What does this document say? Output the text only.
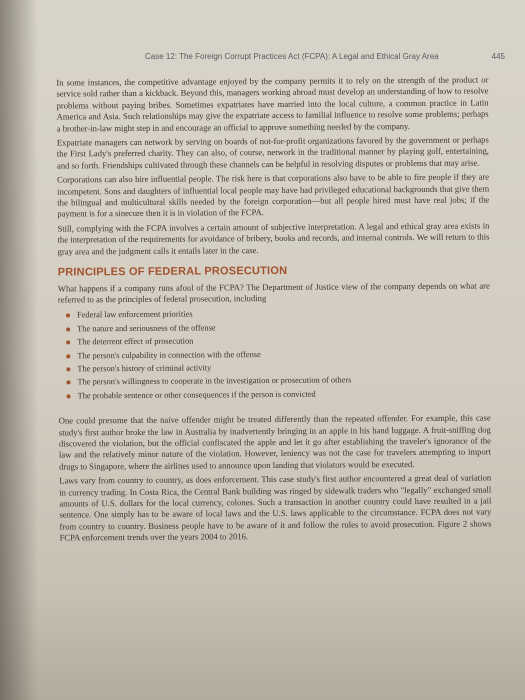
Case 12: The Foreign Corrupt Practices Act (FCPA): A Legal and Ethical Gray Area	445

In some instances, the competitive advantage enjoyed by the company permits it to rely on the strength of the product or service sold rather than a kickback. Beyond this, managers working abroad must develop an understanding of how to resolve problems without paying bribes. Sometimes expatriates have married into the local culture, a common practice in Latin America and Asia. Such relationships may give the expatriate access to familial influence to resolve some problems; perhaps a brother-in-law might step in and encourage an official to approve something needed by the company.

Expatriate managers can network by serving on boards of not-for-profit organizations favored by the government or perhaps the First Lady's preferred charity. They can also, of course, network in the traditional manner by playing golf, entertaining, and so forth. Friendships cultivated through these channels can be helpful in resolving disputes or problems that may arise.

Corporations can also hire influential people. The risk here is that corporations also have to be able to fire people if they are incompetent. Sons and daughters of influential local people may have had privileged educational backgrounds that give them the bilingual and multicultural skills needed by the foreign corporation—but all people hired must have real jobs; if the payment is for a sinecure then it is in violation of the FCPA.

Still, complying with the FCPA involves a certain amount of subjective interpretation. A legal and ethical gray area exists in the interpretation of the requirements for avoidance of bribery, books and records, and internal controls. We will return to this gray area and the judgment calls it entails later in the case.

PRINCIPLES OF FEDERAL PROSECUTION

What happens if a company runs afoul of the FCPA? The Department of Justice view of the company depends on what are referred to as the principles of federal prosecution, including

Federal law enforcement priorities
The nature and seriousness of the offense
The deterrent effect of prosecution
The person's culpability in connection with the offense
The person's history of criminal activity
The person's willingness to cooperate in the investigation or prosecution of others
The probable sentence or other consequences if the person is convicted

One could presume that the naive offender might be treated differently than the repeated offender. For example, this case study's first author broke the law in Australia by inadvertently bringing in an apple in his hand luggage. A fruit-sniffing dog discovered the violation, but the official confiscated the apple and let it go after establishing the traveler's ignorance of the law and the relatively minor nature of the violation. However, leniency was not the case for travelers attempting to import drugs to Singapore, where the airlines used to announce upon landing that violators would be executed.

Laws vary from country to country, as does enforcement. This case study's first author encountered a great deal of variation in currency trading. In Costa Rica, the Central Bank building was ringed by sidewalk traders who "legally" exchanged small amounts of U.S. dollars for the local currency, colones. Such a transaction in another country could have resulted in a jail sentence. One simply has to be aware of local laws and the U.S. laws applicable to the circumstance. FCPA does not vary from country to country. Business people have to be aware of it and follow the rules to avoid prosecution. Figure 2 shows FCPA enforcement trends over the years 2004 to 2016.
